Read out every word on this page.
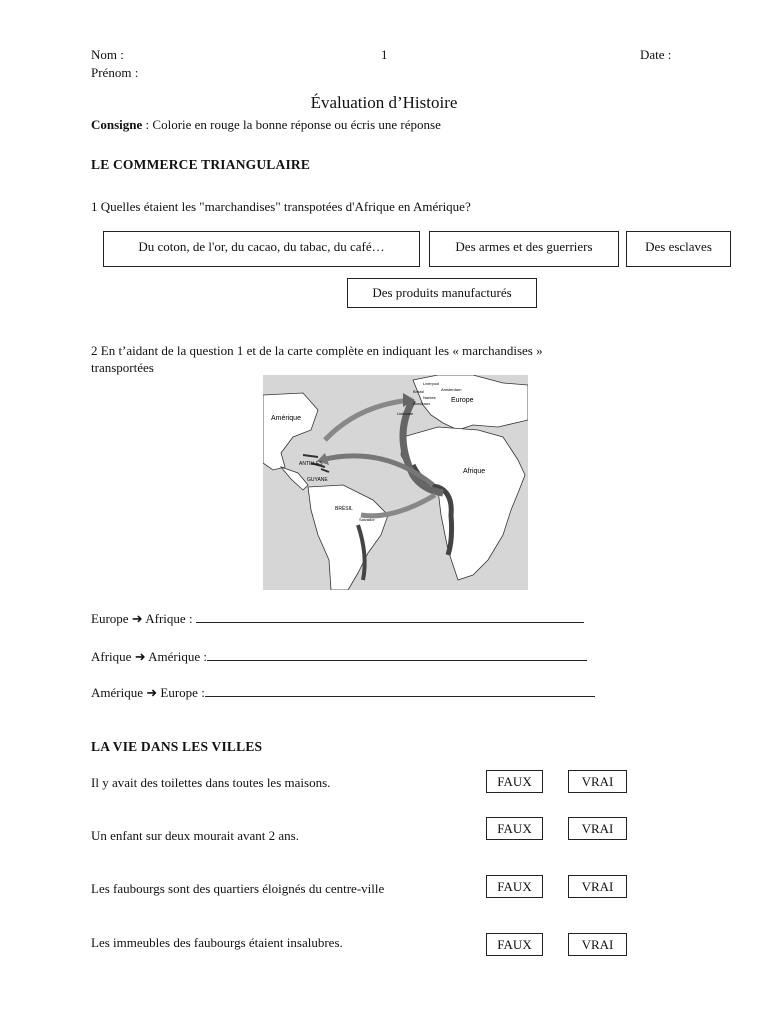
Nom :
Prénom :
1	Date :
Évaluation d’Histoire
Consigne : Colorie en rouge la bonne réponse ou écris une réponse
LE COMMERCE TRIANGULAIRE
1 Quelles étaient les "marchandises" transpotées d'Afrique en Amérique?
Du coton, de l'or, du cacao, du tabac, du café…	Des armes et des guerriers	Des esclaves
Des produits manufacturés
2 En t’aidant de la question 1 et de la carte complète en indiquant les « marchandises »
transportées
Amérique
Europe
Afrique
ANTILLES
GUYANE
BRÉSIL
Liverpool
Bristol
Nantes
Bordeaux
Amsterdam
Lisbonne
Salvador
Europe ➜ Afrique :
Afrique ➜ Amérique :
Amérique ➜ Europe :
LA VIE DANS LES VILLES
Il y avait des toilettes dans toutes les maisons.	FAUX	VRAI
Un enfant sur deux mourait avant 2 ans.	FAUX	VRAI
Les faubourgs sont des quartiers éloignés du centre-ville	FAUX	VRAI
Les immeubles des faubourgs étaient insalubres.	FAUX	VRAI
